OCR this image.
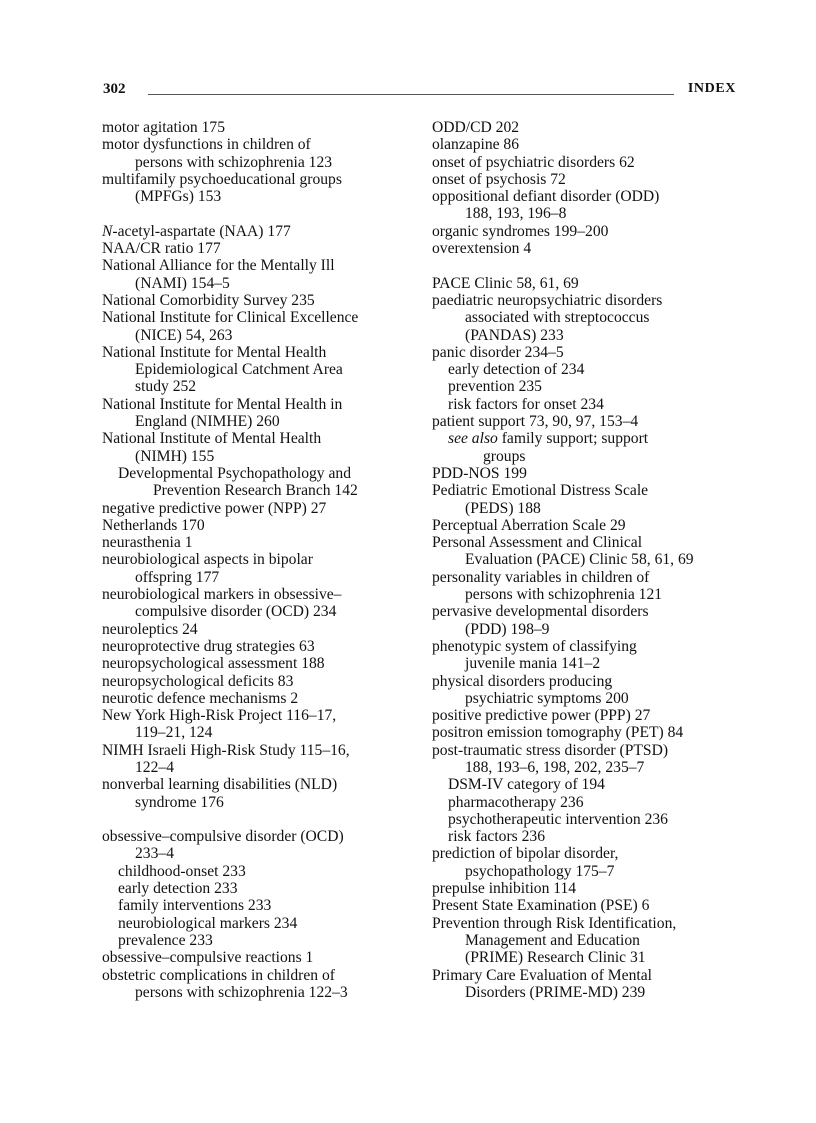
302	INDEX
motor agitation 175
motor dysfunctions in children of
persons with schizophrenia 123
multifamily psychoeducational groups
(MPFGs) 153
N-acetyl-aspartate (NAA) 177
NAA/CR ratio 177
National Alliance for the Mentally Ill
(NAMI) 154–5
National Comorbidity Survey 235
National Institute for Clinical Excellence
(NICE) 54, 263
National Institute for Mental Health
Epidemiological Catchment Area
study 252
National Institute for Mental Health in
England (NIMHE) 260
National Institute of Mental Health
(NIMH) 155
Developmental Psychopathology and
Prevention Research Branch 142
negative predictive power (NPP) 27
Netherlands 170
neurasthenia 1
neurobiological aspects in bipolar
offspring 177
neurobiological markers in obsessive–
compulsive disorder (OCD) 234
neuroleptics 24
neuroprotective drug strategies 63
neuropsychological assessment 188
neuropsychological deficits 83
neurotic defence mechanisms 2
New York High-Risk Project 116–17,
119–21, 124
NIMH Israeli High-Risk Study 115–16,
122–4
nonverbal learning disabilities (NLD)
syndrome 176
obsessive–compulsive disorder (OCD)
233–4
childhood-onset 233
early detection 233
family interventions 233
neurobiological markers 234
prevalence 233
obsessive–compulsive reactions 1
obstetric complications in children of
persons with schizophrenia 122–3
ODD/CD 202
olanzapine 86
onset of psychiatric disorders 62
onset of psychosis 72
oppositional defiant disorder (ODD)
188, 193, 196–8
organic syndromes 199–200
overextension 4
PACE Clinic 58, 61, 69
paediatric neuropsychiatric disorders
associated with streptococcus
(PANDAS) 233
panic disorder 234–5
early detection of 234
prevention 235
risk factors for onset 234
patient support 73, 90, 97, 153–4
see also family support; support
groups
PDD-NOS 199
Pediatric Emotional Distress Scale
(PEDS) 188
Perceptual Aberration Scale 29
Personal Assessment and Clinical
Evaluation (PACE) Clinic 58, 61, 69
personality variables in children of
persons with schizophrenia 121
pervasive developmental disorders
(PDD) 198–9
phenotypic system of classifying
juvenile mania 141–2
physical disorders producing
psychiatric symptoms 200
positive predictive power (PPP) 27
positron emission tomography (PET) 84
post-traumatic stress disorder (PTSD)
188, 193–6, 198, 202, 235–7
DSM-IV category of 194
pharmacotherapy 236
psychotherapeutic intervention 236
risk factors 236
prediction of bipolar disorder,
psychopathology 175–7
prepulse inhibition 114
Present State Examination (PSE) 6
Prevention through Risk Identification,
Management and Education
(PRIME) Research Clinic 31
Primary Care Evaluation of Mental
Disorders (PRIME-MD) 239
